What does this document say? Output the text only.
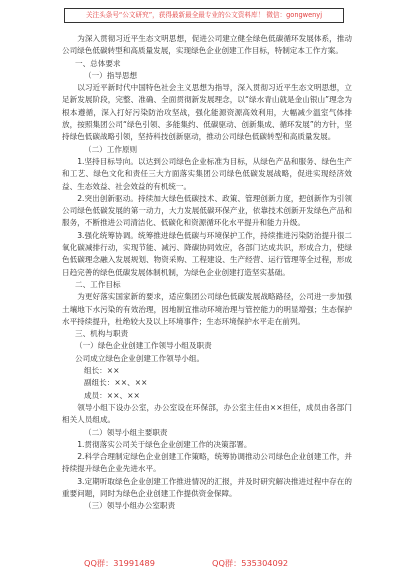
关注头条号“公文研究”，获得最新最全最专业的公文资料库！ 微信：gongwenyj

为深入贯彻习近平生态文明思想，促进公司建立健全绿色低碳循环发展体系，推动公司绿色低碳转型和高质量发展，实现绿色企业创建工作目标，特制定本工作方案。

一、总体要求

（一）指导思想

以习近平新时代中国特色社会主义思想为指导，深入贯彻习近平生态文明思想，立足新发展阶段，完整、准确、全面贯彻新发展理念，以“绿水青山就是金山银山”理念为根本遵循，深入打好污染防治攻坚战，强化能源资源高效利用，大幅减少温室气体排放，按照集团公司“绿色引领、多能集约、低碳驱动、创新集成、循环发展”的方针，坚持绿色低碳战略引领，坚持科技创新驱动，推动公司绿色低碳转型和高质量发展。

（二）工作原则

1.坚持目标导向。以达到公司绿色企业标准为目标，从绿色产品和服务、绿色生产和工艺、绿色文化和责任三大方面落实集团公司绿色低碳发展战略，促进实现经济效益、生态效益、社会效益的有机统一。

2.突出创新驱动。持续加大绿色低碳技术、政策、管理创新力度，把创新作为引领公司绿色低碳发展的第一动力，大力发展低碳环保产业，依靠技术创新开发绿色产品和服务，不断推进公司清洁化、低碳化和资源循环化水平提升和能力升级。

3.强化统筹协调。统筹推进绿色低碳与环境保护工作，持续推进污染防治提升很二氧化碳减排行动，实现节能、减污、降碳协同效应，各部门达成共识，形成合力，使绿色低碳理念融入发展规划、物资采购、工程建设、生产经营、运行管理等全过程，形成日趋完善的绿色低碳发展体制机制，为绿色企业创建打造坚实基础。

二、工作目标

为更好落实国家新的要求，适应集团公司绿色低碳发展战略路径，公司进一步加强土壤地下水污染的有效治理，因地制宜推动环境治理与管控能力的明显增强；生态保护水平持续提升，杜绝较大及以上环境事件；生态环境保护水平走在前列。

三、机构与职责

（一）绿色企业创建工作领导小组及职责

公司成立绿色企业创建工作领导小组。

组长：××

副组长：××、××

成员：××、××

领导小组下设办公室，办公室设在环保部，办公室主任由××担任，成员由各部门相关人员组成。

（二）领导小组主要职责

1.贯彻落实公司关于绿色企业创建工作的决策部署。

2.科学合理制定绿色企业创建工作策略，统筹协调推动公司绿色企业创建工作，并持续提升绿色企业先进水平。

3.定期听取绿色企业创建工作推进情况的汇报，并及时研究解决推进过程中存在的重要问题，同时为绿色企业创建工作提供资金保障。

（三）领导小组办公室职责

QQ群：31991489	QQ群：535304092
